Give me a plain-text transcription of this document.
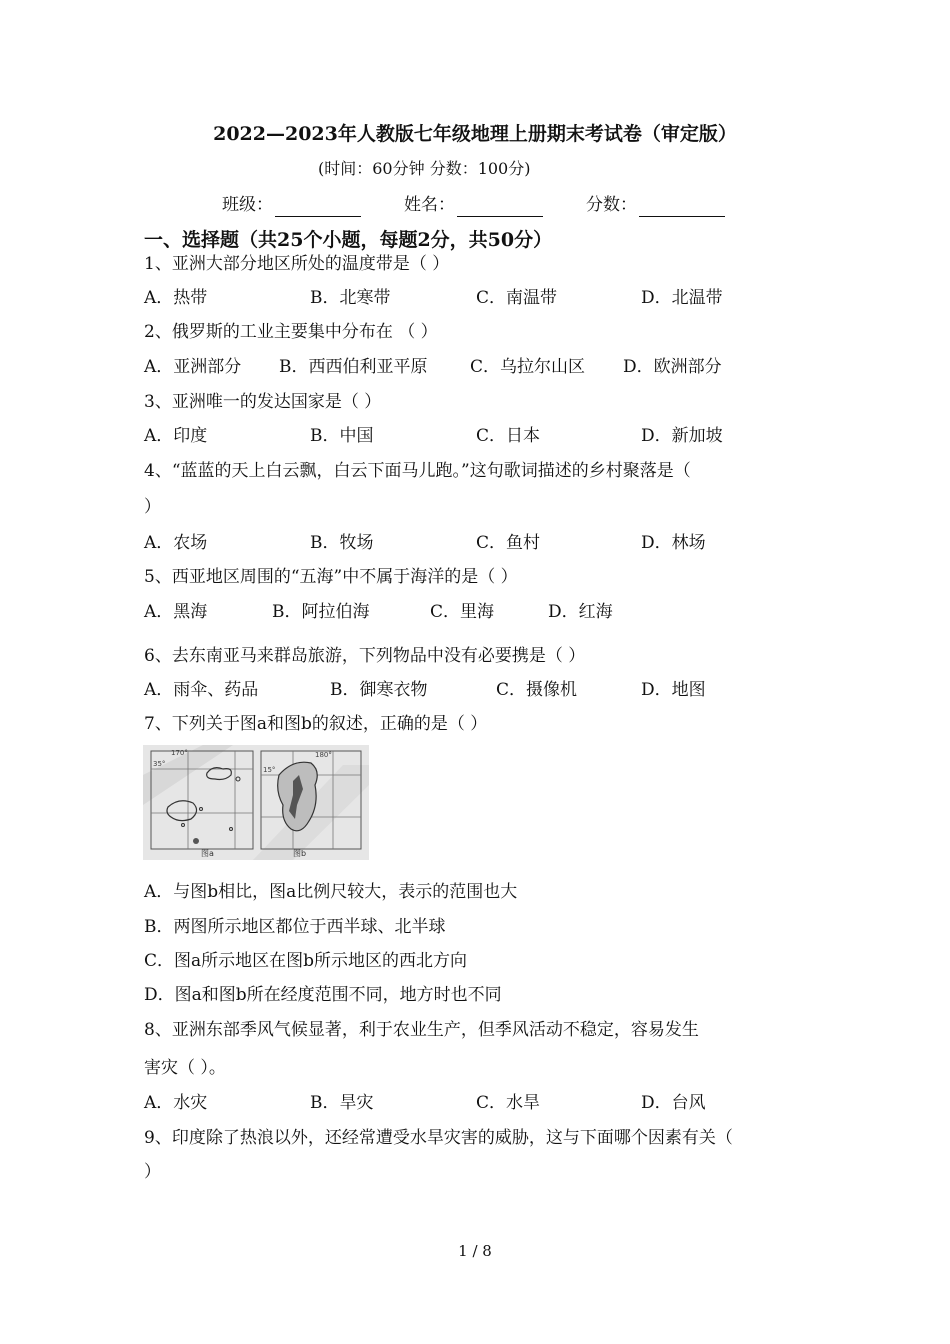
2022—2023年人教版七年级地理上册期末考试卷（审定版）
(时间：60分钟 分数：100分)
班级：	姓名：	分数：
一、选择题（共25个小题，每题2分，共50分）
1、亚洲大部分地区所处的温度带是（ ）
A．热带	B．北寒带	C．南温带	D．北温带
2、俄罗斯的工业主要集中分布在 （ ）
A．亚洲部分 B．西西伯利亚平原	C．乌拉尔山区 D．欧洲部分
3、亚洲唯一的发达国家是（ ）
A．印度	B．中国	C．日本	D．新加坡
4、“蓝蓝的天上白云飘，白云下面马儿跑。”这句歌词描述的乡村聚落是（
）
A．农场	B．牧场	C．鱼村	D．林场
5、西亚地区周围的“五海”中不属于海洋的是（ ）
A．黑海	B．阿拉伯海	C．里海	D．红海
6、去东南亚马来群岛旅游，下列物品中没有必要携是（ ）
A．雨伞、药品	B．御寒衣物	C．摄像机	D．地图
7、下列关于图a和图b的叙述，正确的是（ ）
170°
35°
图a	图b
180°
15°
A．与图b相比，图a比例尺较大，表示的范围也大
B．两图所示地区都位于西半球、北半球
C．图a所示地区在图b所示地区的西北方向
D．图a和图b所在经度范围不同，地方时也不同
8、亚洲东部季风气候显著，利于农业生产，但季风活动不稳定，容易发生
害灾（ ）。
A．水灾	B．旱灾	C．水旱	D．台风
9、印度除了热浪以外，还经常遭受水旱灾害的威胁，这与下面哪个因素有关（
）
1 / 8
